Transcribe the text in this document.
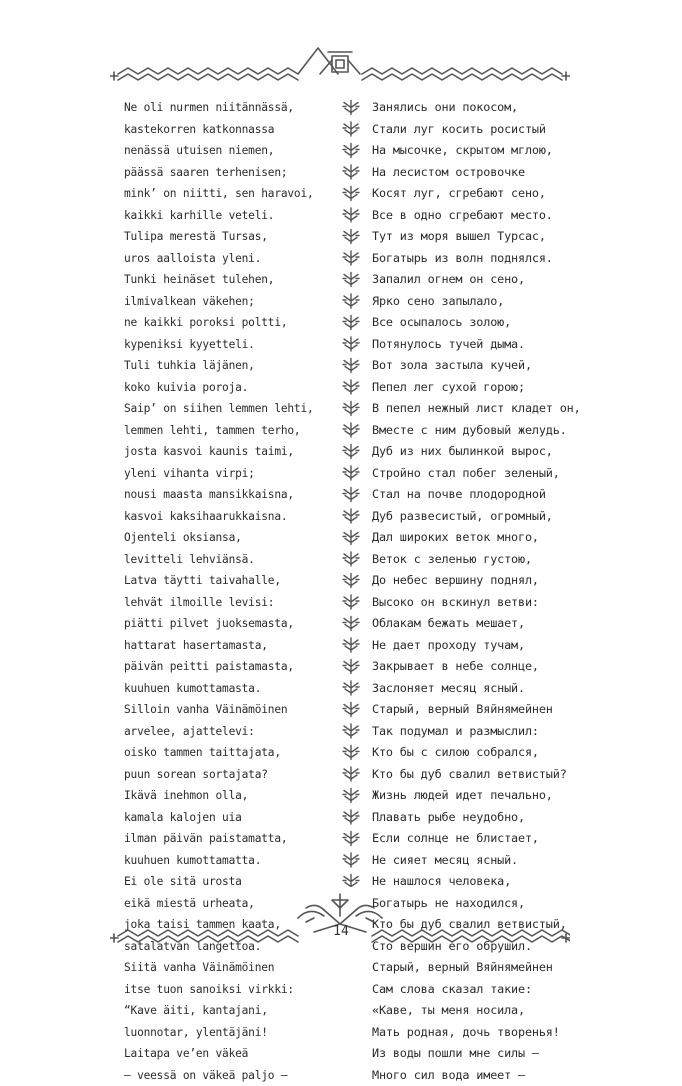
Ne oli nurmen niitännässä,
kastekorren katkonnassa
nenässä utuisen niemen,
päässä saaren terhenisen;
mink’ on niitti, sen haravoi,
kaikki karhille veteli.
Tulipa merestä Tursas,
uros aalloista yleni.
Tunki heinäset tulehen,
ilmivalkean väkehen;
ne kaikki poroksi poltti,
kypeniksi kyyetteli.
Tuli tuhkia läjänen,
koko kuivia poroja.
Saip’ on siihen lemmen lehti,
lemmen lehti, tammen terho,
josta kasvoi kaunis taimi,
yleni vihanta virpi;
nousi maasta mansikkaisna,
kasvoi kaksihaarukkaisna.
Ojenteli oksiansa,
levitteli lehviänsä.
Latva täytti taivahalle,
lehvät ilmoille levisi:
piätti pilvet juoksemasta,
hattarat hasertamasta,
päivän peitti paistamasta,
kuuhuen kumottamasta.
Silloin vanha Väinämöinen
arvelee, ajattelevi:
oisko tammen taittajata,
puun sorean sortajata?
Ikävä inehmon olla,
kamala kalojen uia
ilman päivän paistamatta,
kuuhuen kumottamatta.
Ei ole sitä urosta
eikä miestä urheata,
joka taisi tammen kaata,
satalatvan langettoa.
Siitä vanha Väinämöinen
itse tuon sanoiksi virkki:
“Kave äiti, kantajani,
luonnotar, ylentäjäni!
Laitapa ve’en väkeä
– veessä on väkeä paljo –
Занялись они покосом,
Стали луг косить росистый
На мысочке, скрытом мглою,
На лесистом островочке
Косят луг, сгребают сено,
Все в одно сгребают место.
Тут из моря вышел Турсас,
Богатырь из волн поднялся.
Запалил огнем он сено,
Ярко сено запылало,
Все осыпалось золою,
Потянулось тучей дыма.
Вот зола застыла кучей,
Пепел лег сухой горою;
В пепел нежный лист кладет он,
Вместе с ним дубовый желудь.
Дуб из них былинкой вырос,
Стройно стал побег зеленый,
Стал на почве плодородной
Дуб развесистый, огромный,
Дал широких веток много,
Веток с зеленью густою,
До небес вершину поднял,
Высоко он вскинул ветви:
Облакам бежать мешает,
Не дает проходу тучам,
Закрывает в небе солнце,
Заслоняет месяц ясный.
Старый, верный Вяйнямейнен
Так подумал и размыслил:
Кто бы с силою собрался,
Кто бы дуб свалил ветвистый?
Жизнь людей идет печально,
Плавать рыбе неудобно,
Если солнце не блистает,
Не сияет месяц ясный.
Не нашлося человека,
Богатырь не находился,
Кто бы дуб свалил ветвистый,
Сто вершин его обрушил.
Старый, верный Вяйнямейнен
Сам слова сказал такие:
«Каве, ты меня носила,
Мать родная, дочь творенья!
Из воды пошли мне силы –
Много сил вода имеет –
14
